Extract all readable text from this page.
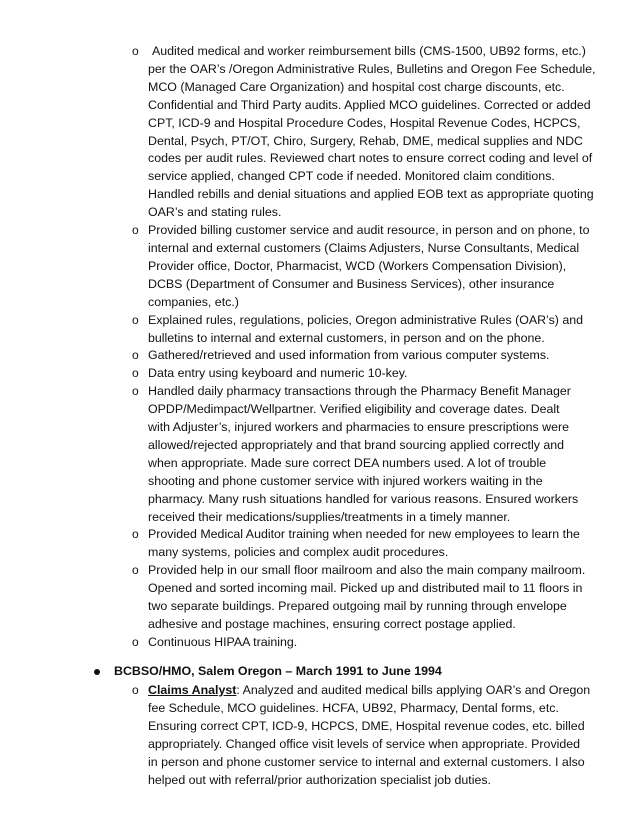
o Audited medical and worker reimbursement bills (CMS-1500, UB92 forms, etc.)
per the OAR’s /Oregon Administrative Rules, Bulletins and Oregon Fee Schedule,
MCO (Managed Care Organization) and hospital cost charge discounts, etc.
Confidential and Third Party audits. Applied MCO guidelines. Corrected or added
CPT, ICD-9 and Hospital Procedure Codes, Hospital Revenue Codes, HCPCS,
Dental, Psych, PT/OT, Chiro, Surgery, Rehab, DME, medical supplies and NDC
codes per audit rules. Reviewed chart notes to ensure correct coding and level of
service applied, changed CPT code if needed. Monitored claim conditions.
Handled rebills and denial situations and applied EOB text as appropriate quoting
OAR’s and stating rules.
o Provided billing customer service and audit resource, in person and on phone, to
internal and external customers (Claims Adjusters, Nurse Consultants, Medical
Provider office, Doctor, Pharmacist, WCD (Workers Compensation Division),
DCBS (Department of Consumer and Business Services), other insurance
companies, etc.)
o Explained rules, regulations, policies, Oregon administrative Rules (OAR’s) and
bulletins to internal and external customers, in person and on the phone.
o Gathered/retrieved and used information from various computer systems.
o Data entry using keyboard and numeric 10-key.
o Handled daily pharmacy transactions through the Pharmacy Benefit Manager
OPDP/Medimpact/Wellpartner. Verified eligibility and coverage dates. Dealt
with Adjuster’s, injured workers and pharmacies to ensure prescriptions were
allowed/rejected appropriately and that brand sourcing applied correctly and
when appropriate. Made sure correct DEA numbers used. A lot of trouble
shooting and phone customer service with injured workers waiting in the
pharmacy. Many rush situations handled for various reasons. Ensured workers
received their medications/supplies/treatments in a timely manner.
o Provided Medical Auditor training when needed for new employees to learn the
many systems, policies and complex audit procedures.
o Provided help in our small floor mailroom and also the main company mailroom.
Opened and sorted incoming mail. Picked up and distributed mail to 11 floors in
two separate buildings. Prepared outgoing mail by running through envelope
adhesive and postage machines, ensuring correct postage applied.
o Continuous HIPAA training.
BCBSO/HMO, Salem Oregon – March 1991 to June 1994
o Claims Analyst: Analyzed and audited medical bills applying OAR’s and Oregon
fee Schedule, MCO guidelines. HCFA, UB92, Pharmacy, Dental forms, etc.
Ensuring correct CPT, ICD-9, HCPCS, DME, Hospital revenue codes, etc. billed
appropriately. Changed office visit levels of service when appropriate. Provided
in person and phone customer service to internal and external customers. I also
helped out with referral/prior authorization specialist job duties.
